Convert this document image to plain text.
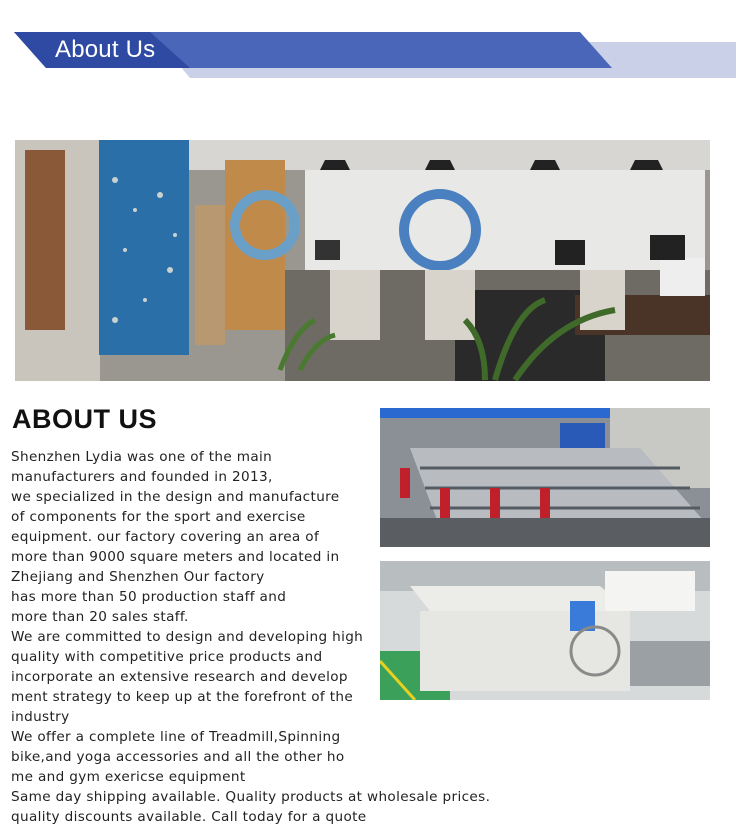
About Us
ABOUT US
Shenzhen Lydia was one of the main
manufacturers and founded in 2013,
we specialized in the design and manufacture
of components for the sport and exercise
equipment. our factory covering an area of
more than 9000 square meters and located in
Zhejiang and Shenzhen Our factory
has more than 50 production staff and
more than 20 sales staff.
We are committed to design and developing high
quality with competitive price products and
incorporate an extensive research and develop
ment strategy to keep up at the forefront of the
industry
We offer a complete line of Treadmill,Spinning
bike,and yoga accessories and all the other ho
me and gym exericse equipment
Same day shipping available. Quality products at wholesale prices.
quality discounts available. Call today for a quote
